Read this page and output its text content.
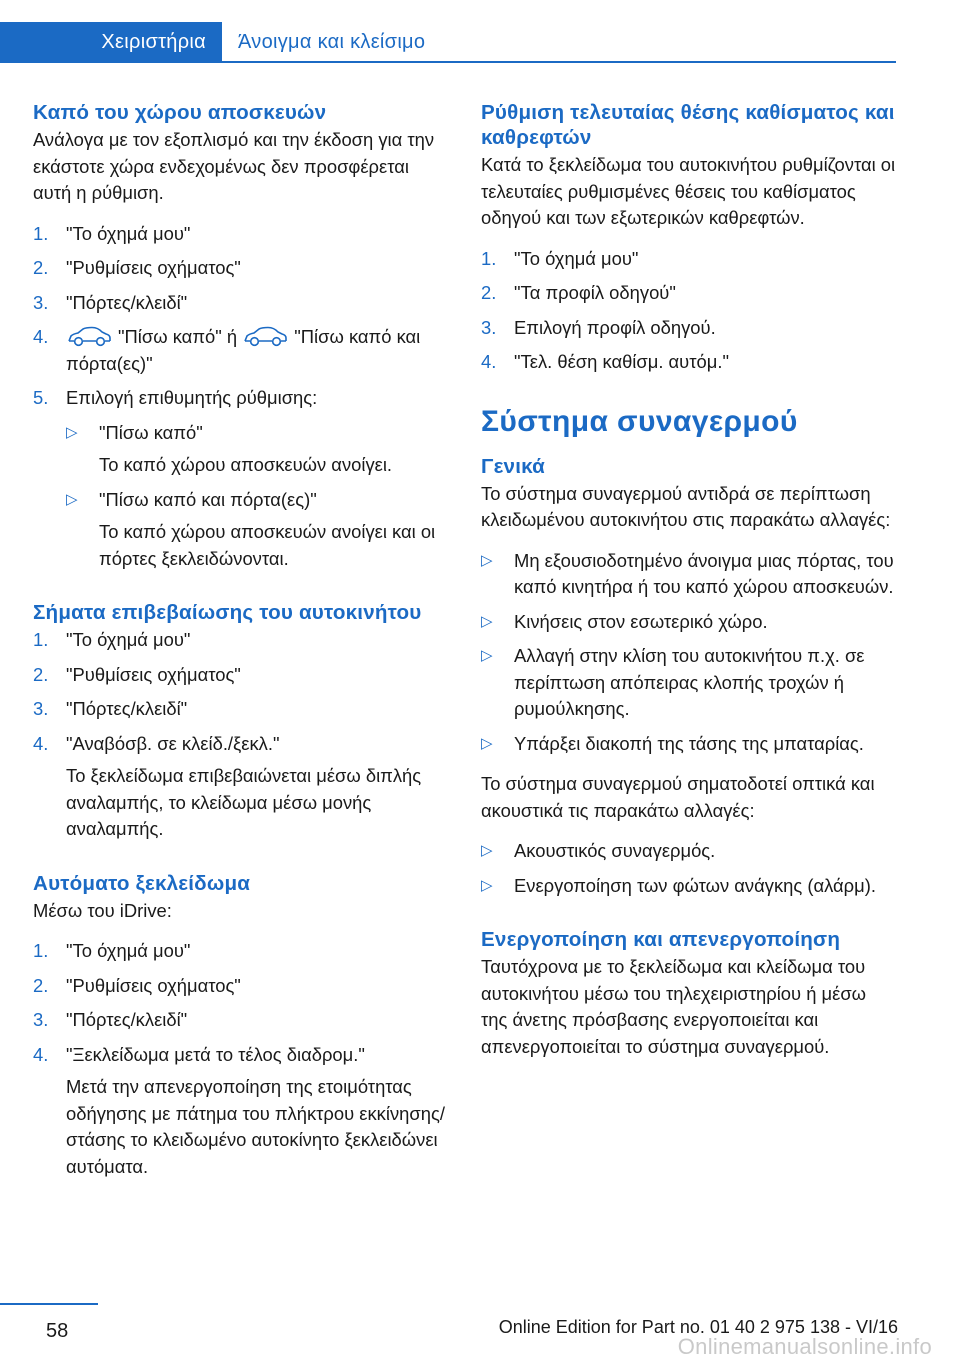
Χειριστήρια	Άνοιγμα και κλείσιμο
Καπό του χώρου αποσκευών

Ανάλογα με τον εξοπλισμό και την έκδοση για την εκάστοτε χώρα ενδεχομένως δεν προσφέρεται αυτή η ρύθμιση.

1. "Το όχημά μου"
2. "Ρυθμίσεις οχήματος"
3. "Πόρτες/κλειδί"
4.	"Πίσω καπό" ή	"Πίσω καπό και πόρτα(ες)"
5. Επιλογή επιθυμητής ρύθμισης:
▷ "Πίσω καπό"
Το καπό χώρου αποσκευών ανοίγει.
▷ "Πίσω καπό και πόρτα(ες)"
Το καπό χώρου αποσκευών ανοίγει και οι πόρτες ξεκλειδώνονται.
Σήματα επιβεβαίωσης του αυτοκινήτου
1. "Το όχημά μου"
2. "Ρυθμίσεις οχήματος"
3. "Πόρτες/κλειδί"
4. "Αναβόσβ. σε κλείδ./ξεκλ."
Το ξεκλείδωμα επιβεβαιώνεται μέσω διπλής αναλαμπής, το κλείδωμα μέσω μονής αναλαμπής.
Αυτόματο ξεκλείδωμα

Μέσω του iDrive:

1. "Το όχημά μου"
2. "Ρυθμίσεις οχήματος"
3. "Πόρτες/κλειδί"
4. "Ξεκλείδωμα μετά το τέλος διαδρομ."
Μετά την απενεργοποίηση της ετοιμότητας οδήγησης με πάτημα του πλήκτρου εκκίνησης/στάσης το κλειδωμένο αυτοκίνητο ξεκλειδώνει αυτόματα.
Ρύθμιση τελευταίας θέσης καθίσματος και καθρεφτών

Κατά το ξεκλείδωμα του αυτοκινήτου ρυθμίζονται οι τελευταίες ρυθμισμένες θέσεις του καθίσματος οδηγού και των εξωτερικών καθρεφτών.

1. "Το όχημά μου"
2. "Τα προφίλ οδηγού"
3. Επιλογή προφίλ οδηγού.
4. "Τελ. θέση καθίσμ. αυτόμ."
Σύστημα συναγερμού
Γενικά

Το σύστημα συναγερμού αντιδρά σε περίπτωση κλειδωμένου αυτοκινήτου στις παρακάτω αλλαγές:

▷ Μη εξουσιοδοτημένο άνοιγμα μιας πόρτας, του καπό κινητήρα ή του καπό χώρου αποσκευών.
▷ Κινήσεις στον εσωτερικό χώρο.
▷ Αλλαγή στην κλίση του αυτοκινήτου π.χ. σε περίπτωση απόπειρας κλοπής τροχών ή ρυμούλκησης.
▷ Υπάρξει διακοπή της τάσης της μπαταρίας.

Το σύστημα συναγερμού σηματοδοτεί οπτικά και ακουστικά τις παρακάτω αλλαγές:

▷ Ακουστικός συναγερμός.
▷ Ενεργοποίηση των φώτων ανάγκης (αλάρμ).
Ενεργοποίηση και απενεργοποίηση

Ταυτόχρονα με το ξεκλείδωμα και κλείδωμα του αυτοκινήτου μέσω του τηλεχειριστηρίου ή μέσω της άνετης πρόσβασης ενεργοποιείται και απενεργοποιείται το σύστημα συναγερμού.

58	Online Edition for Part no. 01 40 2 975 138 - VI/16
Onlinemanualsonline.info
